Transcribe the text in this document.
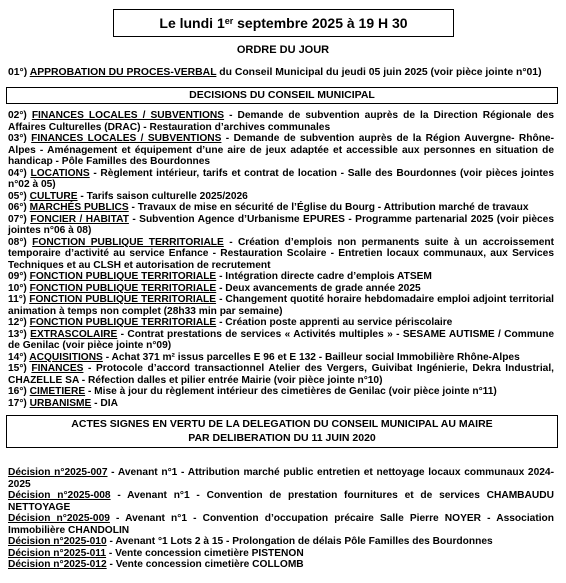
Le lundi 1er septembre 2025 à 19 H 30
ORDRE DU JOUR
01°) APPROBATION DU PROCES-VERBAL du Conseil Municipal du jeudi 05 juin 2025 (voir pièce jointe n°01)
DECISIONS DU CONSEIL MUNICIPAL
02°) FINANCES LOCALES / SUBVENTIONS - Demande de subvention auprès de la Direction Régionale des Affaires Culturelles (DRAC) - Restauration d’archives communales
03°) FINANCES LOCALES / SUBVENTIONS - Demande de subvention auprès de la Région Auvergne- Rhône-Alpes - Aménagement et équipement d’une aire de jeux adaptée et accessible aux personnes en situation de handicap - Pôle Familles des Bourdonnes
04°) LOCATIONS - Règlement intérieur, tarifs et contrat de location - Salle des Bourdonnes (voir pièces jointes n°02 à 05)
05°) CULTURE - Tarifs saison culturelle 2025/2026
06°) MARCHÉS PUBLICS - Travaux de mise en sécurité de l’Église du Bourg - Attribution marché de travaux
07°) FONCIER / HABITAT - Subvention Agence d’Urbanisme EPURES - Programme partenarial 2025 (voir pièces jointes n°06 à 08)
08°) FONCTION PUBLIQUE TERRITORIALE - Création d’emplois non permanents suite à un accroissement temporaire d’activité au service Enfance - Restauration Scolaire - Entretien locaux communaux, aux Services Techniques et au CLSH et autorisation de recrutement
09°) FONCTION PUBLIQUE TERRITORIALE - Intégration directe cadre d’emplois ATSEM
10°) FONCTION PUBLIQUE TERRITORIALE - Deux avancements de grade année 2025
11°) FONCTION PUBLIQUE TERRITORIALE - Changement quotité horaire hebdomadaire emploi adjoint territorial animation à temps non complet (28h33 min par semaine)
12°) FONCTION PUBLIQUE TERRITORIALE - Création poste apprenti au service périscolaire
13°) EXTRASCOLAIRE - Contrat prestations de services « Activités multiples » - SESAME AUTISME / Commune de Genilac (voir pièce jointe n°09)
14°) ACQUISITIONS - Achat 371 m² issus parcelles E 96 et E 132 - Bailleur social Immobilière Rhône-Alpes
15°) FINANCES - Protocole d’accord transactionnel Atelier des Vergers, Guivibat Ingénierie, Dekra Industrial, CHAZELLE SA - Réfection dalles et pilier entrée Mairie (voir pièce jointe n°10)
16°) CIMETIERE - Mise à jour du règlement intérieur des cimetières de Genilac (voir pièce jointe n°11)
17°) URBANISME - DIA
ACTES SIGNES EN VERTU DE LA DELEGATION DU CONSEIL MUNICIPAL AU MAIRE
PAR DELIBERATION DU 11 JUIN 2020
Décision n°2025-007 - Avenant n°1 - Attribution marché public entretien et nettoyage locaux communaux 2024-2025
Décision n°2025-008 - Avenant n°1 - Convention de prestation fournitures et de services CHAMBAUDU NETTOYAGE
Décision n°2025-009 - Avenant n°1 - Convention d’occupation précaire Salle Pierre NOYER - Association Immobilière CHANDOLIN
Décision n°2025-010 - Avenant °1 Lots 2 à 15 - Prolongation de délais Pôle Familles des Bourdonnes
Décision n°2025-011 - Vente concession cimetière PISTENON
Décision n°2025-012 - Vente concession cimetière COLLOMB
